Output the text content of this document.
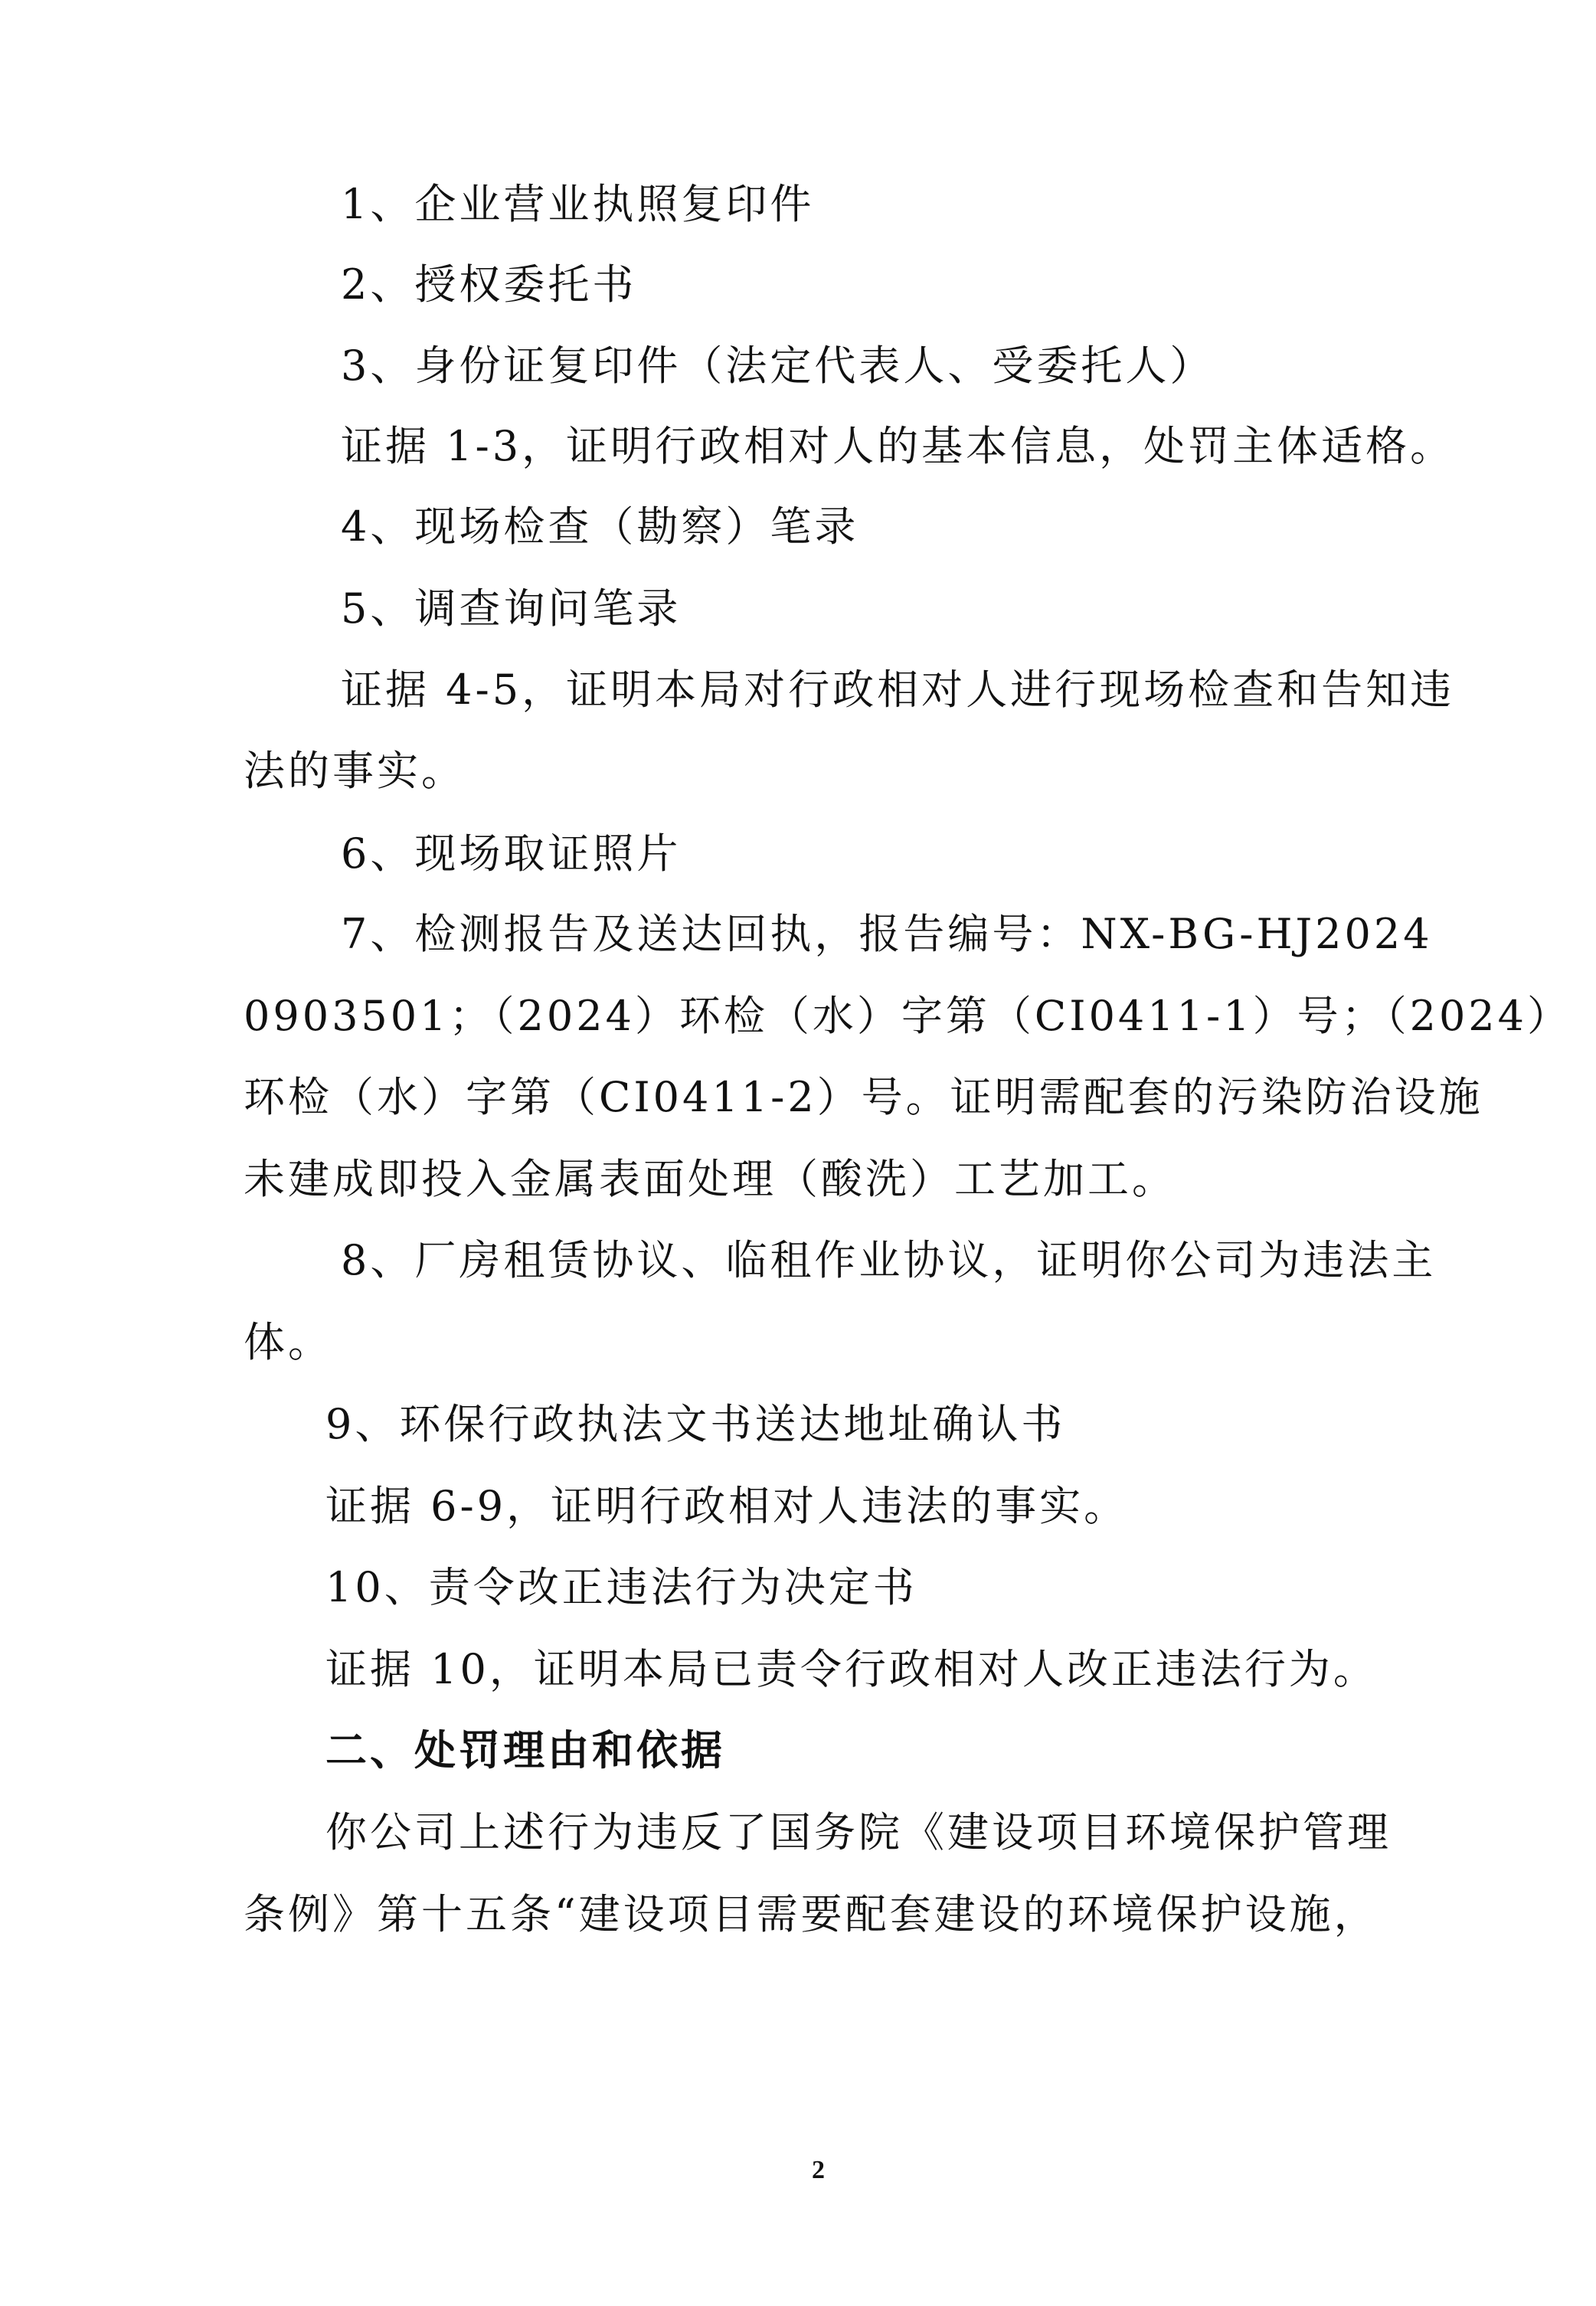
1、企业营业执照复印件
2、授权委托书
3、身份证复印件（法定代表人、受委托人）
证据 1-3，证明行政相对人的基本信息，处罚主体适格。
4、现场检查（勘察）笔录
5、调查询问笔录
证据 4-5，证明本局对行政相对人进行现场检查和告知违
法的事实。
6、现场取证照片
7、检测报告及送达回执，报告编号：NX-BG-HJ2024
0903501；（2024）环检（水）字第（CI0411-1）号；（2024）
环检（水）字第（CI0411-2）号。证明需配套的污染防治设施
未建成即投入金属表面处理（酸洗）工艺加工。
8、厂房租赁协议、临租作业协议，证明你公司为违法主
体。
9、环保行政执法文书送达地址确认书
证据 6-9，证明行政相对人违法的事实。
10、责令改正违法行为决定书
证据 10，证明本局已责令行政相对人改正违法行为。
二、处罚理由和依据
你公司上述行为违反了国务院《建设项目环境保护管理
条例》第十五条“建设项目需要配套建设的环境保护设施，
2
